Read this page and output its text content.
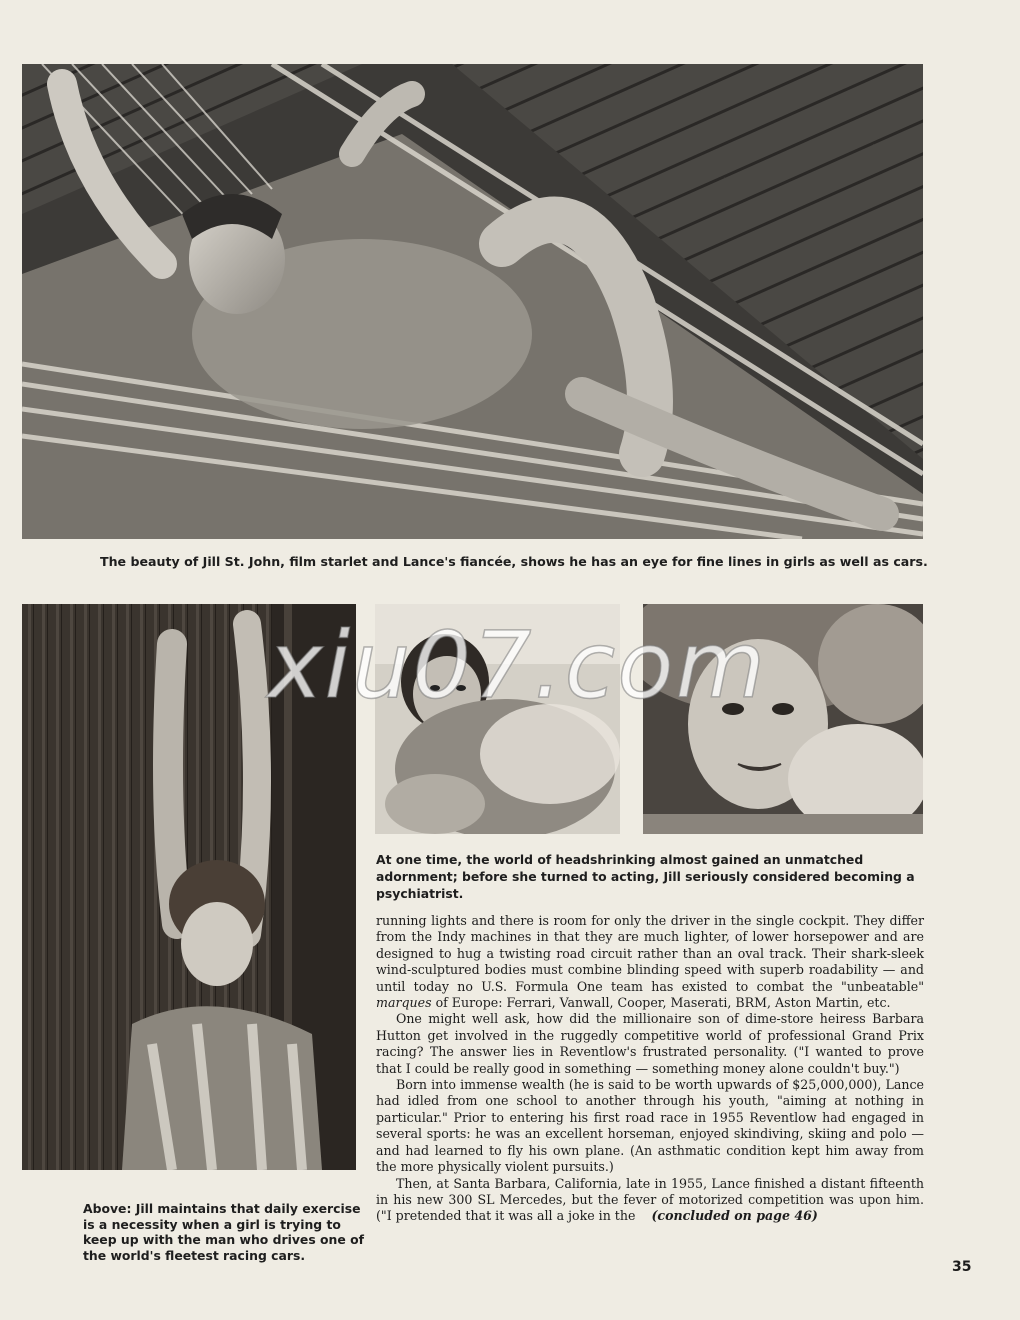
The beauty of Jill St. John, film starlet and Lance's fiancée, shows he has an eye for fine lines in girls as well as cars.
xiu07.com
At one time, the world of headshrinking almost gained an unmatched adornment; before she turned to acting, Jill seriously considered becoming a psychiatrist.
Above: Jill maintains that daily exercise is a necessity when a girl is trying to keep up with the man who drives one of the world's fleetest racing cars.

running lights and there is room for only the driver in the single cockpit. They differ from the Indy machines in that they are much lighter, of lower horsepower and are designed to hug a twisting road circuit rather than an oval track. Their shark-sleek wind-sculptured bodies must combine blinding speed with superb roadability — and until today no U.S. Formula One team has existed to combat the "unbeatable" marques of Europe: Ferrari, Vanwall, Cooper, Maserati, BRM, Aston Martin, etc.

One might well ask, how did the millionaire son of dime-store heiress Barbara Hutton get involved in the ruggedly competitive world of professional Grand Prix racing? The answer lies in Reventlow's frustrated personality. ("I wanted to prove that I could be really good in something — something money alone couldn't buy.")

Born into immense wealth (he is said to be worth upwards of $25,000,000), Lance had idled from one school to another through his youth, "aiming at nothing in particular." Prior to entering his first road race in 1955 Reventlow had engaged in several sports: he was an excellent horseman, enjoyed skindiving, skiing and polo — and had learned to fly his own plane. (An asthmatic condition kept him away from the more physically violent pursuits.)

Then, at Santa Barbara, California, late in 1955, Lance finished a distant fifteenth in his new 300 SL Mercedes, but the fever of motorized competition was upon him. ("I pretended that it was all a joke in the (concluded on page 46)

35
